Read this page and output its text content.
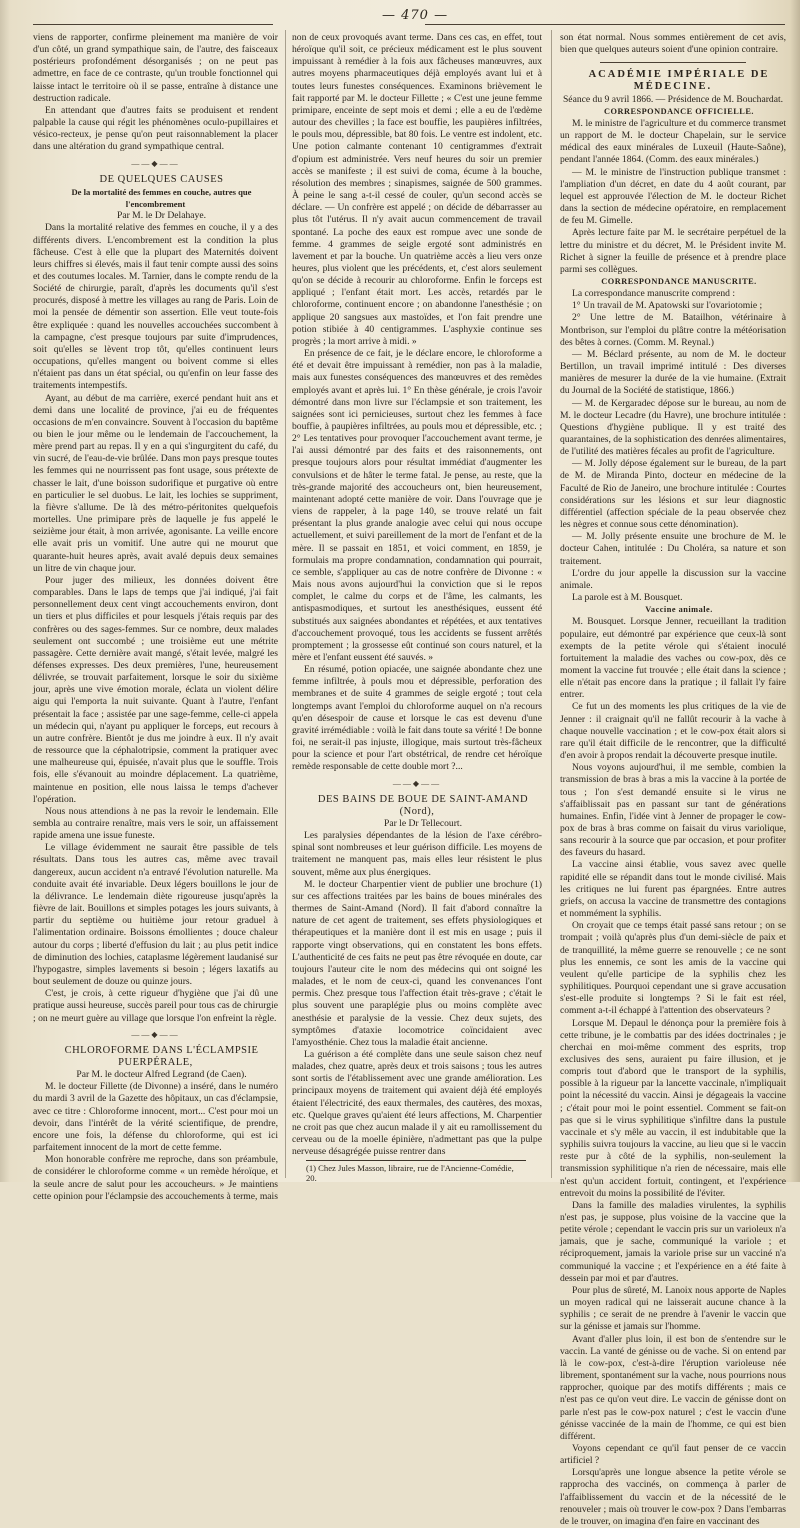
— 470 —

viens de rapporter, confirme pleinement ma manière de voir d'un côté, un grand sympathique sain, de l'autre, des faisceaux postérieurs profondément désorganisés ; on ne peut pas admettre, en face de ce contraste, qu'un trouble fonctionnel qui laisse intact le territoire où il se passe, entraîne à distance une destruction radicale.

En attendant que d'autres faits se produisent et rendent palpable la cause qui régit les phénomènes oculo-pupillaires et vésico-recteux, je pense qu'on peut raisonnablement la placer dans une altération du grand sympathique central.

——◆——

DE QUELQUES CAUSES

De la mortalité des femmes en couche, autres que l'encombrement

Par M. le Dr Delahaye.

Dans la mortalité relative des femmes en couche, il y a des différents divers. L'encombrement est la condition la plus fâcheuse. C'est à elle que la plupart des Maternités doivent leurs chiffres si élevés, mais il faut tenir compte aussi des soins et des coutumes locales. M. Tarnier, dans le compte rendu de la Société de chirurgie, paraît, d'après les documents qu'il s'est procurés, disposé à mettre les villages au rang de Paris. Loin de moi la pensée de démentir son assertion. Elle veut toute-fois être expliquée : quand les nouvelles accouchées succombent à la campagne, c'est presque toujours par suite d'imprudences, soit qu'elles se lèvent trop tôt, qu'elles continuent leurs occupations, qu'elles mangent ou boivent comme si elles n'étaient pas dans un état spécial, ou qu'enfin on leur fasse des traitements intempestifs.

Ayant, au début de ma carrière, exercé pendant huit ans et demi dans une localité de province, j'ai eu de fréquentes occasions de m'en convaincre. Souvent à l'occasion du baptême ou bien le jour même ou le lendemain de l'accouchement, la mère prend part au repas. Il y en a qui s'ingurgitent du café, du vin sucré, de l'eau-de-vie brûlée. Dans mon pays presque toutes les femmes qui ne nourrissent pas font usage, sous prétexte de chasser le lait, d'une boisson sudorifique et purgative où entre en particulier le sel duobus. Le lait, les lochies se suppriment, la fièvre s'allume. De là des métro-péritonites quelquefois mortelles. Une primipare près de laquelle je fus appelé le seizième jour était, à mon arrivée, agonisante. La veille encore elle avait pris un vomitif. Une autre qui ne mourut que quarante-huit heures après, avait avalé depuis deux semaines un litre de vin chaque jour.

Pour juger des milieux, les données doivent être comparables. Dans le laps de temps que j'ai indiqué, j'ai fait personnellement deux cent vingt accouchements environ, dont un tiers et plus difficiles et pour lesquels j'étais requis par des confrères ou des sages-femmes. Sur ce nombre, deux malades seulement ont succombé ; une troisième eut une métrite passagère. Cette dernière avait mangé, s'était levée, malgré les défenses expresses. Des deux premières, l'une, heureusement délivrée, se trouvait parfaitement, lorsque le soir du sixième jour, après une vive émotion morale, éclata un violent délire aigu qui l'emporta la nuit suivante. Quant à l'autre, l'enfant présentait la face ; assistée par une sage-femme, celle-ci appela un médecin qui, n'ayant pu appliquer le forceps, eut recours à un autre confrère. Bientôt je dus me joindre à eux. Il n'y avait de ressource que la céphalotripsie, comment la pratiquer avec une malheureuse qui, épuisée, n'avait plus que le souffle. Trois fois, elle s'évanouit au moindre déplacement. La quatrième, maintenue en position, elle nous laissa le temps d'achever l'opération.

Nous nous attendions à ne pas la revoir le lendemain. Elle sembla au contraire renaître, mais vers le soir, un affaissement rapide amena une issue funeste.

Le village évidemment ne saurait être passible de tels résultats. Dans tous les autres cas, même avec travail dangereux, aucun accident n'a entravé l'évolution naturelle. Ma conduite avait été invariable. Deux légers bouillons le jour de la délivrance. Le lendemain diète rigoureuse jusqu'après la fièvre de lait. Bouillons et simples potages les jours suivants, à partir du septième ou huitième jour retour graduel à l'alimentation ordinaire. Boissons émollientes ; douce chaleur autour du corps ; liberté d'effusion du lait ; au plus petit indice de diminution des lochies, cataplasme légèrement laudanisé sur l'hypogastre, simples lavements si besoin ; légers laxatifs au bout seulement de douze ou quinze jours.

C'est, je crois, à cette rigueur d'hygiène que j'ai dû une pratique aussi heureuse, succès pareil pour tous cas de chirurgie ; on ne meurt guère au village que lorsque l'on enfreint la règle.

——◆——

CHLOROFORME DANS L'ÉCLAMPSIE PUERPÉRALE,

Par M. le docteur Alfred Legrand (de Caen).

M. le docteur Fillette (de Divonne) a inséré, dans le numéro du mardi 3 avril de la Gazette des hôpitaux, un cas d'éclampsie, avec ce titre : Chloroforme innocent, mort... C'est pour moi un devoir, dans l'intérêt de la vérité scientifique, de prendre, encore une fois, la défense du chloroforme, qui est ici parfaitement innocent de la mort de cette femme.

Mon honorable confrère me reproche, dans son préambule, de considérer le chloroforme comme « un remède héroïque, et la seule ancre de salut pour les accoucheurs. » Je maintiens cette opinion pour l'éclampsie des accouchements à terme, mais

non de ceux provoqués avant terme. Dans ces cas, en effet, tout héroïque qu'il soit, ce précieux médicament est le plus souvent impuissant à remédier à la fois aux fâcheuses manœuvres, aux autres moyens pharmaceutiques déjà employés avant lui et à toutes leurs funestes conséquences. Examinons brièvement le fait rapporté par M. le docteur Fillette ; « C'est une jeune femme primipare, enceinte de sept mois et demi ; elle a eu de l'œdème autour des chevilles ; la face est bouffie, les paupières infiltrées, le pouls mou, dépressible, bat 80 fois. Le ventre est indolent, etc. Une potion calmante contenant 10 centigrammes d'extrait d'opium est administrée. Vers neuf heures du soir un premier accès se manifeste ; il est suivi de coma, écume à la bouche, résolution des membres ; sinapismes, saignée de 500 grammes. À peine le sang a-t-il cessé de couler, qu'un second accès se déclare. — Un confrère est appelé ; on décide de débarrasser au plus tôt l'utérus. Il n'y avait aucun commencement de travail spontané. La poche des eaux est rompue avec une sonde de femme. 4 grammes de seigle ergoté sont administrés en lavement et par la bouche. Un quatrième accès a lieu vers onze heures, plus violent que les précédents, et, c'est alors seulement qu'on se décide à recourir au chloroforme. Enfin le forceps est appliqué ; l'enfant était mort. Les accès, retardés par le chloroforme, continuent encore ; on abandonne l'anesthésie ; on applique 20 sangsues aux mastoïdes, et l'on fait prendre une potion stibiée à 40 centigrammes. L'asphyxie continue ses progrès ; la mort arrive à midi. »

En présence de ce fait, je le déclare encore, le chloroforme a été et devait être impuissant à remédier, non pas à la maladie, mais aux funestes conséquences des manœuvres et des remèdes employés avant et après lui. 1° En thèse générale, je crois l'avoir démontré dans mon livre sur l'éclampsie et son traitement, les saignées sont ici pernicieuses, surtout chez les femmes à face bouffie, à paupières infiltrées, au pouls mou et dépressible, etc. ; 2° Les tentatives pour provoquer l'accouchement avant terme, je l'ai aussi démontré par des faits et des raisonnements, ont presque toujours alors pour résultat immédiat d'augmenter les convulsions et de hâter le terme fatal. Je pense, au reste, que la très-grande majorité des accoucheurs ont, bien heureusement, maintenant adopté cette manière de voir. Dans l'ouvrage que je viens de rappeler, à la page 140, se trouve relaté un fait présentant la plus grande analogie avec celui qui nous occupe actuellement, et suivi pareillement de la mort de l'enfant et de la mère. Il se passait en 1851, et voici comment, en 1859, je formulais ma propre condamnation, condamnation qui pourrait, ce semble, s'appliquer au cas de notre confrère de Divonne : « Mais nous avons aujourd'hui la conviction que si le repos complet, le calme du corps et de l'âme, les calmants, les antispasmodiques, et surtout les anesthésiques, eussent été substitués aux saignées abondantes et répétées, et aux tentatives d'accouchement provoqué, tous les accidents se fussent arrêtés promptement ; la grossesse eût continué son cours naturel, et la mère et l'enfant eussent été sauvés. »

En résumé, potion opiacée, une saignée abondante chez une femme infiltrée, à pouls mou et dépressible, perforation des membranes et de suite 4 grammes de seigle ergoté ; tout cela longtemps avant l'emploi du chloroforme auquel on n'a recours qu'en désespoir de cause et lorsque le cas est devenu d'une gravité irrémédiable : voilà le fait dans toute sa vérité ! De bonne foi, ne serait-il pas injuste, illogique, mais surtout très-fâcheux pour la science et pour l'art obstétrical, de rendre cet héroïque remède responsable de cette double mort ?...

——◆——

DES BAINS DE BOUE DE SAINT-AMAND (Nord),

Par le Dr Tellecourt.

Les paralysies dépendantes de la lésion de l'axe cérébro-spinal sont nombreuses et leur guérison difficile. Les moyens de traitement ne manquent pas, mais elles leur résistent le plus souvent, même aux plus énergiques.

M. le docteur Charpentier vient de publier une brochure (1) sur ces affections traitées par les bains de boues minérales des thermes de Saint-Amand (Nord). Il fait d'abord connaître la nature de cet agent de traitement, ses effets physiologiques et thérapeutiques et la manière dont il est mis en usage ; puis il rapporte vingt observations, qui en constatent les bons effets. L'authenticité de ces faits ne peut pas être révoquée en doute, car toujours l'auteur cite le nom des médecins qui ont soigné les malades, et le nom de ceux-ci, quand les convenances l'ont permis. Chez presque tous l'affection était très-grave ; c'était le plus souvent une paraplégie plus ou moins complète avec anesthésie et paralysie de la vessie. Chez deux sujets, des symptômes d'ataxie locomotrice coïncidaient avec l'amyosthénie. Chez tous la maladie était ancienne.

La guérison a été complète dans une seule saison chez neuf malades, chez quatre, après deux et trois saisons ; tous les autres sont sortis de l'établissement avec une grande amélioration. Les principaux moyens de traitement qui avaient déjà été employés étaient l'électricité, des eaux thermales, des cautères, des moxas, etc. Quelque graves qu'aient été leurs affections, M. Charpentier ne croit pas que chez aucun malade il y ait eu ramollissement du cerveau ou de la moelle épinière, n'admettant pas que la pulpe nerveuse désagrégée puisse rentrer dans

(1) Chez Jules Masson, libraire, rue de l'Ancienne-Comédie, 20.

son état normal. Nous sommes entièrement de cet avis, bien que quelques auteurs soient d'une opinion contraire.

ACADÉMIE IMPÉRIALE DE MÉDECINE.

Séance du 9 avril 1866. — Présidence de M. Bouchardat.

CORRESPONDANCE OFFICIELLE.

M. le ministre de l'agriculture et du commerce transmet un rapport de M. le docteur Chapelain, sur le service médical des eaux minérales de Luxeuil (Haute-Saône), pendant l'année 1864. (Comm. des eaux minérales.)

— M. le ministre de l'instruction publique transmet : l'ampliation d'un décret, en date du 4 août courant, par lequel est approuvée l'élection de M. le docteur Richet dans la section de médecine opératoire, en remplacement de feu M. Gimelle.

Après lecture faite par M. le secrétaire perpétuel de la lettre du ministre et du décret, M. le Président invite M. Richet à signer la feuille de présence et à prendre place parmi ses collègues.

CORRESPONDANCE MANUSCRITE.

La correspondance manuscrite comprend :

1° Un travail de M. Apatowski sur l'ovariotomie ;

2° Une lettre de M. Batailhon, vétérinaire à Montbrison, sur l'emploi du plâtre contre la météorisation des bêtes à cornes. (Comm. M. Reynal.)

— M. Béclard présente, au nom de M. le docteur Bertillon, un travail imprimé intitulé : Des diverses manières de mesurer la durée de la vie humaine. (Extrait du Journal de la Société de statistique, 1866.)

— M. de Kergaradec dépose sur le bureau, au nom de M. le docteur Lecadre (du Havre), une brochure intitulée : Questions d'hygiène publique. Il y est traité des quarantaines, de la sophistication des denrées alimentaires, de l'utilité des matières fécales au profit de l'agriculture.

— M. Jolly dépose également sur le bureau, de la part de M. de Miranda Pinto, docteur en médecine de la Faculté de Rio de Janeiro, une brochure intitulée : Courtes considérations sur les lésions et sur leur diagnostic différentiel (affection spéciale de la peau observée chez les nègres et connue sous cette dénomination).

— M. Jolly présente ensuite une brochure de M. le docteur Cahen, intitulée : Du Choléra, sa nature et son traitement.

L'ordre du jour appelle la discussion sur la vaccine animale.

La parole est à M. Bousquet.

Vaccine animale.

M. Bousquet. Lorsque Jenner, recueillant la tradition populaire, eut démontré par expérience que ceux-là sont exempts de la petite vérole qui s'étaient inoculé fortuitement la maladie des vaches ou cow-pox, dès ce moment la vaccine fut trouvée ; elle était dans la science ; elle n'était pas encore dans la pratique ; il fallait l'y faire entrer.

Ce fut un des moments les plus critiques de la vie de Jenner : il craignait qu'il ne fallût recourir à la vache à chaque nouvelle vaccination ; et le cow-pox était alors si rare qu'il était difficile de le rencontrer, que la difficulté d'en avoir à propos rendait la découverte presque inutile.

Nous voyons aujourd'hui, il me semble, combien la transmission de bras à bras a mis la vaccine à la portée de tous ; l'on s'est demandé ensuite si le virus ne s'affaiblissait pas en passant sur tant de générations humaines. Enfin, l'idée vint à Jenner de propager le cow-pox de bras à bras comme on faisait du virus variolique, sans recourir à la source que par occasion, et pour profiter des faveurs du hasard.

La vaccine ainsi établie, vous savez avec quelle rapidité elle se répandit dans tout le monde civilisé. Mais les critiques ne lui furent pas épargnées. Entre autres griefs, on accusa la vaccine de transmettre des contagions et nommément la syphilis.

On croyait que ce temps était passé sans retour ; on se trompait ; voilà qu'après plus d'un demi-siècle de paix et de tranquillité, la même guerre se renouvelle ; ce ne sont plus les ennemis, ce sont les amis de la vaccine qui veulent qu'elle participe de la syphilis chez les syphilitiques. Pourquoi cependant une si grave accusation s'est-elle produite si longtemps ? Si le fait est réel, comment a-t-il échappé à l'attention des observateurs ?

Lorsque M. Depaul le dénonça pour la première fois à cette tribune, je le combattis par des idées doctrinales ; je cherchai en moi-même comment des esprits, trop exclusives des sens, auraient pu faire illusion, et je compris tout d'abord que le transport de la syphilis, possible à la rigueur par la lancette vaccinale, n'impliquait point la nécessité du vaccin. Ainsi je dégageais la vaccine ; c'était pour moi le point essentiel. Comment se fait-on pas que si le virus syphilitique s'infiltre dans la pustule vaccinale et s'y mêle au vaccin, il est indubitable que la syphilis suivra toujours la vaccine, au lieu que si le vaccin reste pur à côté de la syphilis, non-seulement la transmission syphilitique n'a rien de nécessaire, mais elle n'est qu'un accident fortuit, contingent, et l'expérience entrevoit du moins la possibilité de l'éviter.

Dans la famille des maladies virulentes, la syphilis n'est pas, je suppose, plus voisine de la vaccine que la petite vérole ; cependant le vaccin pris sur un varioleux n'a jamais, que je sache, communiqué la variole ; et réciproquement, jamais la variole prise sur un vacciné n'a communiqué la vaccine ; et l'expérience en a été faite à dessein par moi et par d'autres.

Pour plus de sûreté, M. Lanoix nous apporte de Naples un moyen radical qui ne laisserait aucune chance à la syphilis ; ce serait de ne prendre à l'avenir le vaccin que sur la génisse et jamais sur l'homme.

Avant d'aller plus loin, il est bon de s'entendre sur le vaccin. La vanté de génisse ou de vache. Si on entend par là le cow-pox, c'est-à-dire l'éruption varioleuse née librement, spontanément sur la vache, nous pourrions nous rapprocher, quoique par des motifs différents ; mais ce n'est pas ce qu'on veut dire. Le vaccin de génisse dont on parle n'est pas le cow-pox naturel ; c'est le vaccin d'une génisse vaccinée de la main de l'homme, ce qui est bien différent.

Voyons cependant ce qu'il faut penser de ce vaccin artificiel ?

Lorsqu'après une longue absence la petite vérole se rapprocha des vaccinés, on commença à parler de l'affaiblissement du vaccin et de la nécessité de le renouveler ; mais où trouver le cow-pox ? Dans l'embarras de le trouver, on imagina d'en faire en vaccinant des
